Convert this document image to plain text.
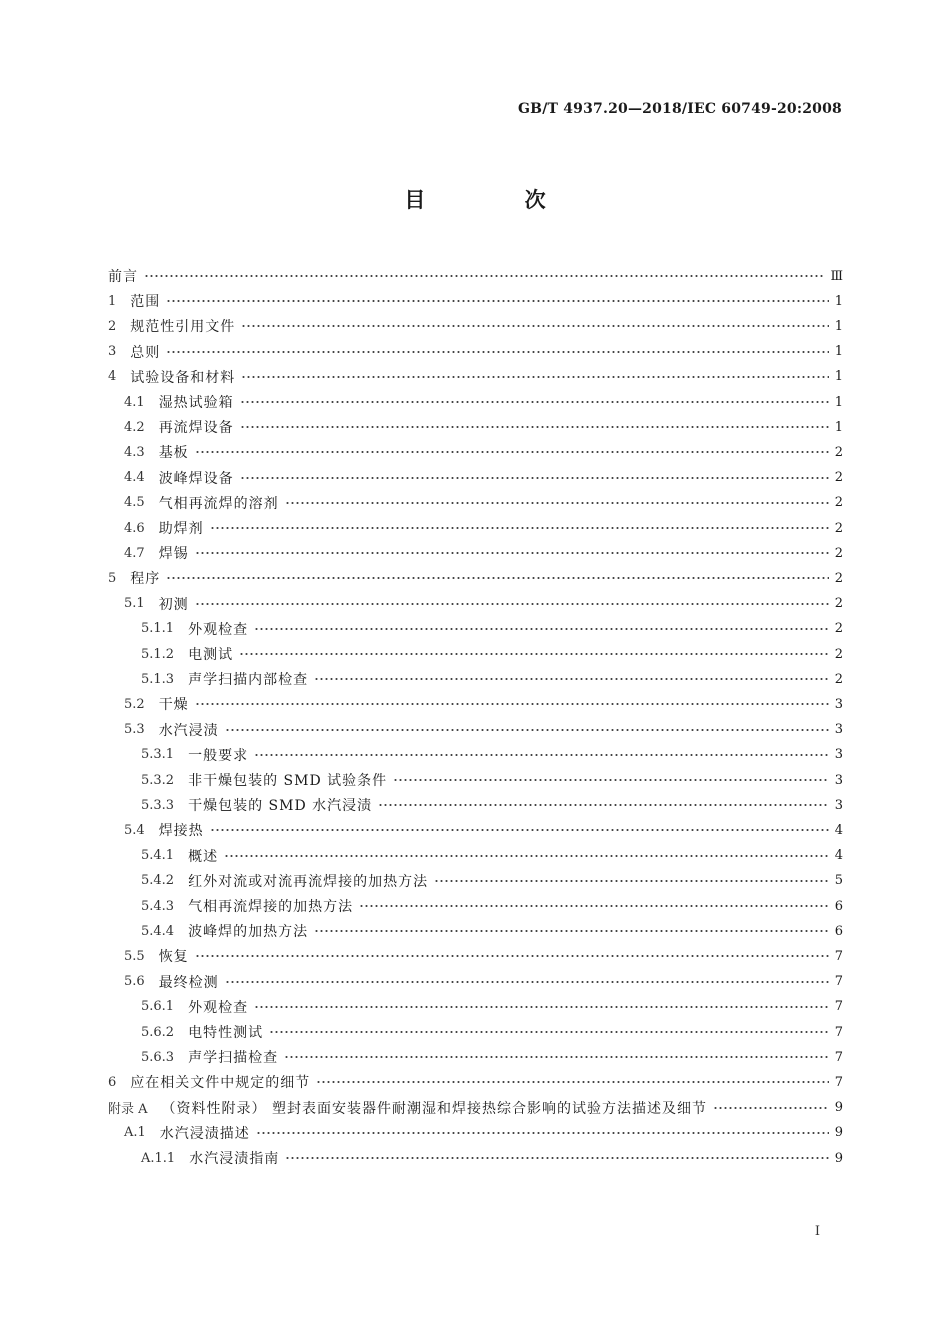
GB/T 4937.20—2018/IEC 60749-20:2008
目 次
前言	Ⅲ
1 范围	1
2 规范性引用文件	1
3 总则	1
4 试验设备和材料	1
4.1 湿热试验箱	1
4.2 再流焊设备	1
4.3 基板	2
4.4 波峰焊设备	2
4.5 气相再流焊的溶剂	2
4.6 助焊剂	2
4.7 焊锡	2
5 程序	2
5.1 初测	2
5.1.1 外观检查	2
5.1.2 电测试	2
5.1.3 声学扫描内部检查	2
5.2 干燥	3
5.3 水汽浸渍	3
5.3.1 一般要求	3
5.3.2 非干燥包装的 SMD 试验条件	3
5.3.3 干燥包装的 SMD 水汽浸渍	3
5.4 焊接热	4
5.4.1 概述	4
5.4.2 红外对流或对流再流焊接的加热方法	5
5.4.3 气相再流焊接的加热方法	6
5.4.4 波峰焊的加热方法	6
5.5 恢复	7
5.6 最终检测	7
5.6.1 外观检查	7
5.6.2 电特性测试	7
5.6.3 声学扫描检查	7
6 应在相关文件中规定的细节	7
附录 A （资料性附录） 塑封表面安装器件耐潮湿和焊接热综合影响的试验方法描述及细节	9
A.1 水汽浸渍描述	9
A.1.1 水汽浸渍指南	9
I
